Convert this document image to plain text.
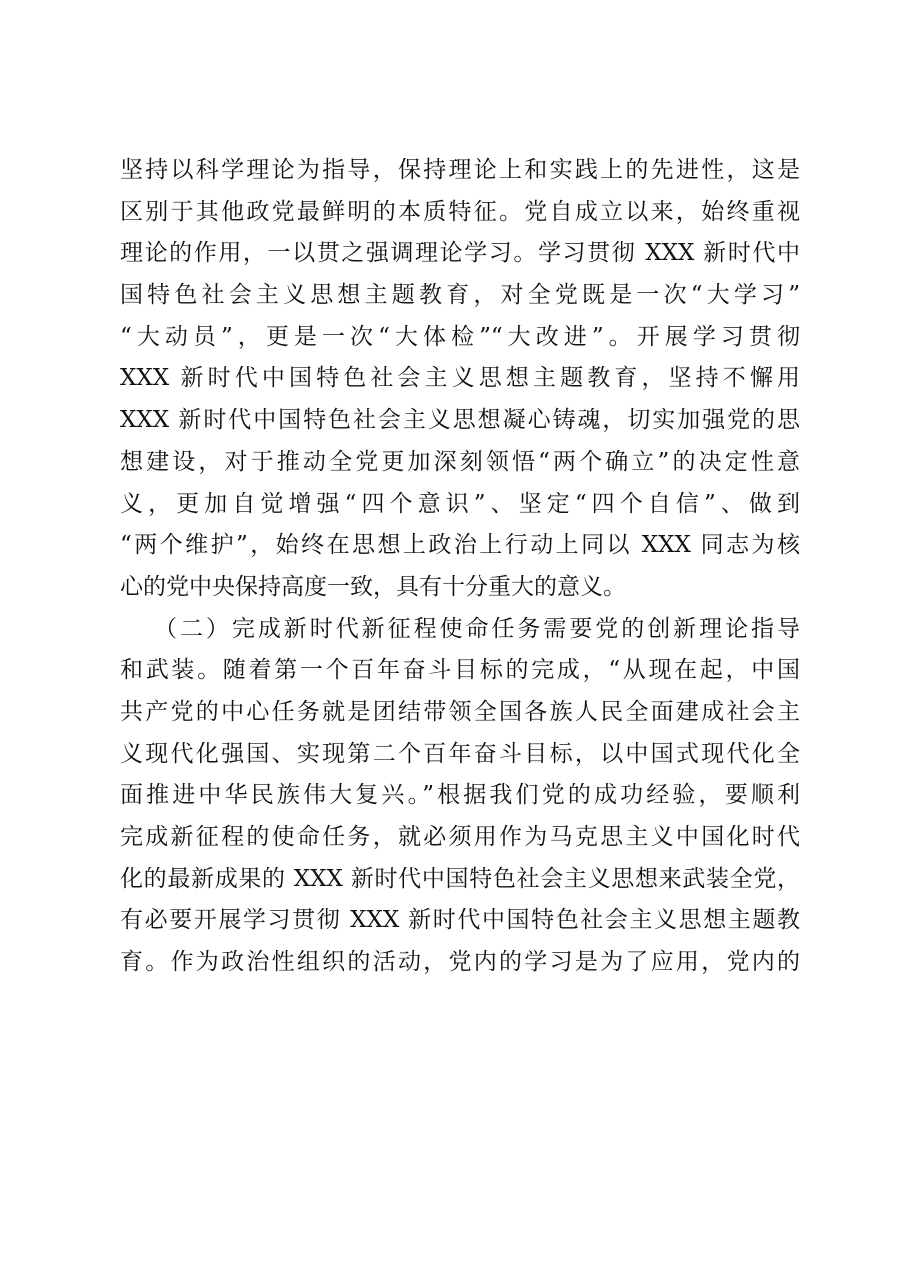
坚持以科学理论为指导，保持理论上和实践上的先进性，这是
区别于其他政党最鲜明的本质特征。党自成立以来，始终重视
理论的作用，一以贯之强调理论学习。学习贯彻 XXX 新时代中
国特色社会主义思想主题教育，对全党既是一次“大学习”
“大动员”，更是一次“大体检”“大改进”。开展学习贯彻
XXX 新时代中国特色社会主义思想主题教育，坚持不懈用
XXX 新时代中国特色社会主义思想凝心铸魂，切实加强党的思
想建设，对于推动全党更加深刻领悟“两个确立”的决定性意
义，更加自觉增强“四个意识”、坚定“四个自信”、做到
“两个维护”，始终在思想上政治上行动上同以 XXX 同志为核
心的党中央保持高度一致，具有十分重大的意义。
（二）完成新时代新征程使命任务需要党的创新理论指导
和武装。随着第一个百年奋斗目标的完成，“从现在起，中国
共产党的中心任务就是团结带领全国各族人民全面建成社会主
义现代化强国、实现第二个百年奋斗目标，以中国式现代化全
面推进中华民族伟大复兴。”根据我们党的成功经验，要顺利
完成新征程的使命任务，就必须用作为马克思主义中国化时代
化的最新成果的 XXX 新时代中国特色社会主义思想来武装全党，
有必要开展学习贯彻 XXX 新时代中国特色社会主义思想主题教
育。作为政治性组织的活动，党内的学习是为了应用，党内的
